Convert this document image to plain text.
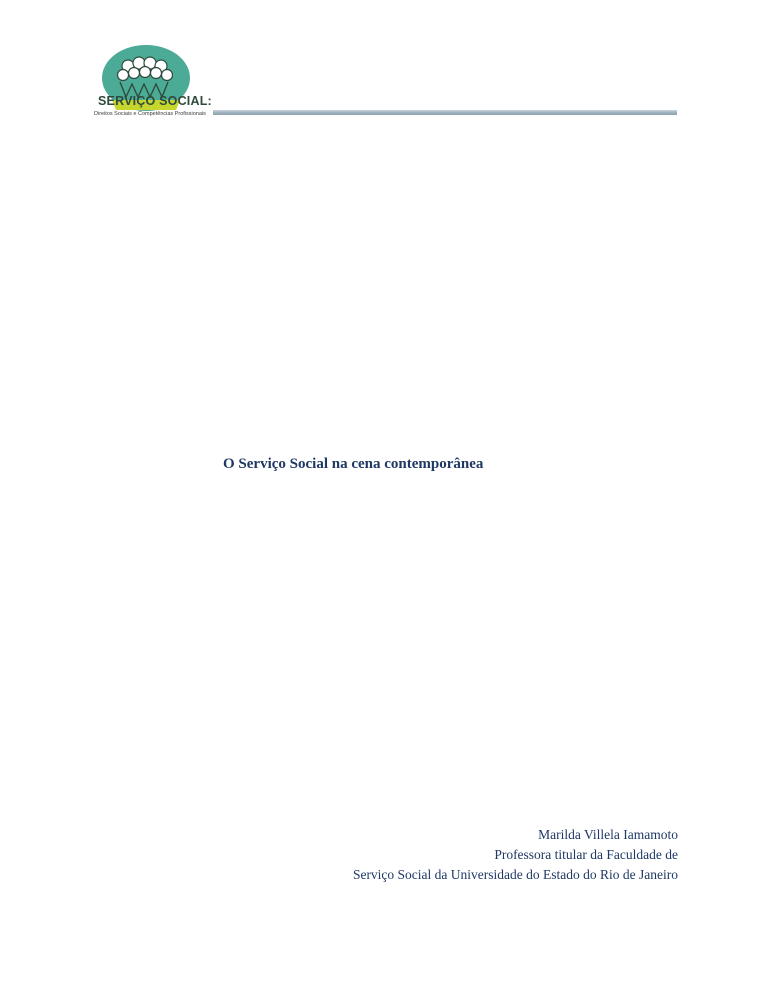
SERVIÇO SOCIAL:
Direitos Sociais e Competências Profissionais
O Serviço Social na cena contemporânea
Marilda Villela Iamamoto
Professora titular da Faculdade de
Serviço Social da Universidade do Estado do Rio de Janeiro
